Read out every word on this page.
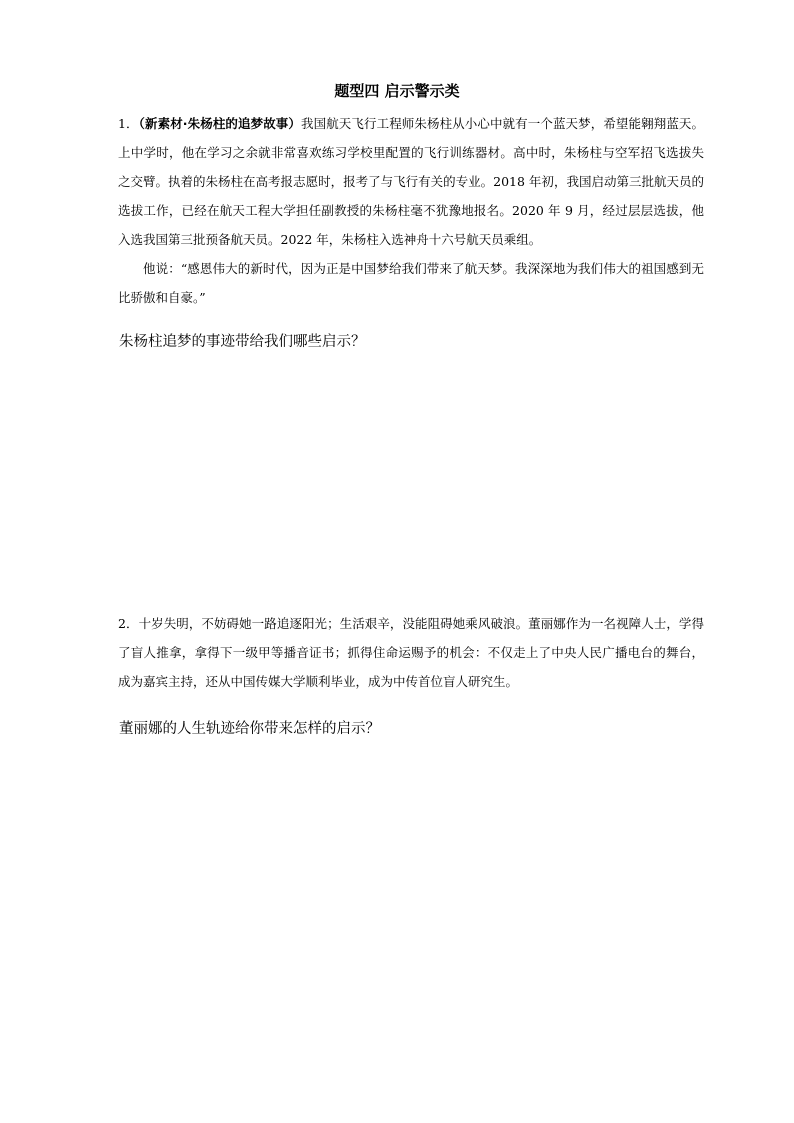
题型四 启示警示类

1．（新素材·朱杨柱的追梦故事）我国航天飞行工程师朱杨柱从小心中就有一个蓝天梦，希望能翱翔蓝天。上中学时，他在学习之余就非常喜欢练习学校里配置的飞行训练器材。高中时，朱杨柱与空军招飞选拔失之交臂。执着的朱杨柱在高考报志愿时，报考了与飞行有关的专业。2018 年初，我国启动第三批航天员的选拔工作，已经在航天工程大学担任副教授的朱杨柱毫不犹豫地报名。2020 年 9 月，经过层层选拔，他入选我国第三批预备航天员。2022 年，朱杨柱入选神舟十六号航天员乘组。

他说：“感恩伟大的新时代，因为正是中国梦给我们带来了航天梦。我深深地为我们伟大的祖国感到无比骄傲和自豪。”

朱杨柱追梦的事迹带给我们哪些启示？

2．十岁失明，不妨碍她一路追逐阳光；生活艰辛，没能阻碍她乘风破浪。董丽娜作为一名视障人士，学得了盲人推拿，拿得下一级甲等播音证书；抓得住命运赐予的机会：不仅走上了中央人民广播电台的舞台，成为嘉宾主持，还从中国传媒大学顺利毕业，成为中传首位盲人研究生。

董丽娜的人生轨迹给你带来怎样的启示？
